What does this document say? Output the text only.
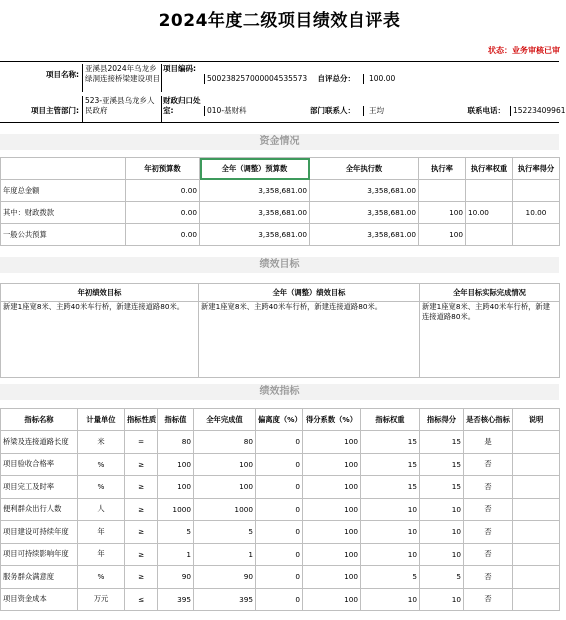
2024年度二级项目绩效自评表
状态：业务审核已审
项目名称:
亚溪县2024年乌龙乡绿洞连接桥梁建设项目
项目编码:
500238257000004535573	自评总分：	100.00
项目主管部门:
523-亚溪县乌龙乡人民政府
财政归口处室:	010-基财科	部门联系人：	王均	联系电话：	15223409961
资金情况
	年初预算数	全年（调整）预算数	全年执行数	执行率	执行率权重	执行率得分
年度总金额	0.00	3,358,681.00	3,358,681.00			
其中：财政拨款	0.00	3,358,681.00	3,358,681.00	100	10.00	10.00
一般公共预算	0.00	3,358,681.00	3,358,681.00	100		
绩效目标
年初绩效目标	全年（调整）绩效目标	全年目标实际完成情况
新建1座宽8米、主跨40米车行桥，新建连接道路80米。	新建1座宽8米、主跨40米车行桥，新建连接道路80米。	新建1座宽8米、主跨40米车行桥，新建连接道路80米。
绩效指标
指标名称	计量单位	指标性质	指标值	全年完成值	偏离度（%）	得分系数（%）	指标权重	指标得分	是否核心指标	说明
桥梁及连接道路长度	米	=	80	80	0	100	15	15	是	
项目验收合格率	%	≥	100	100	0	100	15	15	否	
项目完工及时率	%	≥	100	100	0	100	15	15	否	
便利群众出行人数	人	≥	1000	1000	0	100	10	10	否	
项目建设可持续年度	年	≥	5	5	0	100	10	10	否	
项目可持续影响年度	年	≥	1	1	0	100	10	10	否	
服务群众满意度	%	≥	90	90	0	100	5	5	否	
项目资金成本	万元	≤	395	395	0	100	10	10	否	
